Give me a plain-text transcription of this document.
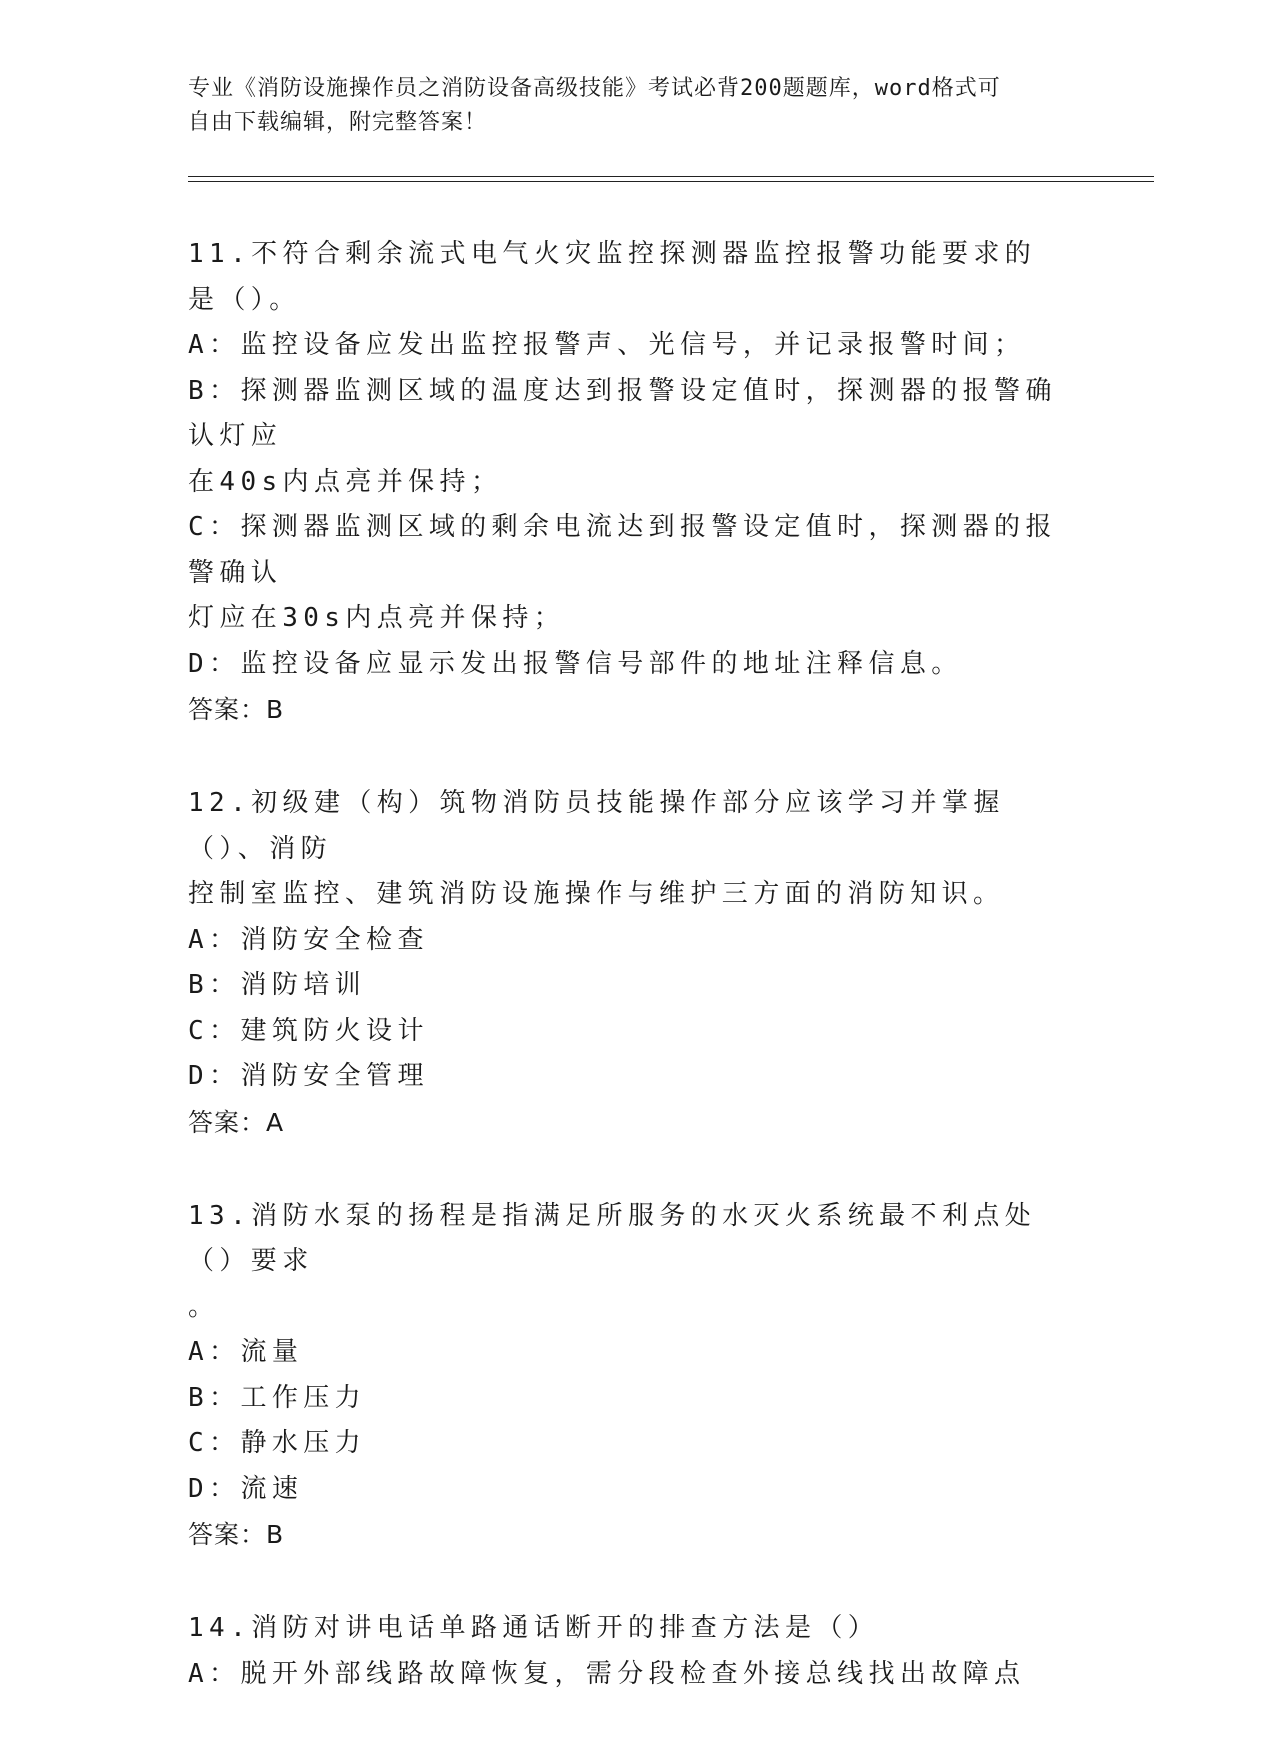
专业《消防设施操作员之消防设备高级技能》考试必背200题题库，word格式可
自由下载编辑，附完整答案！
11.不符合剩余流式电气火灾监控探测器监控报警功能要求的是（）。
A：监控设备应发出监控报警声、光信号，并记录报警时间；
B：探测器监测区域的温度达到报警设定值时，探测器的报警确认灯应
在40s内点亮并保持；
C：探测器监测区域的剩余电流达到报警设定值时，探测器的报警确认
灯应在30s内点亮并保持；
D：监控设备应显示发出报警信号部件的地址注释信息。
答案：B
12.初级建（构）筑物消防员技能操作部分应该学习并掌握（）、消防
控制室监控、建筑消防设施操作与维护三方面的消防知识。
A：消防安全检查
B：消防培训
C：建筑防火设计
D：消防安全管理
答案：A
13.消防水泵的扬程是指满足所服务的水灭火系统最不利点处（）要求
。
A：流量
B：工作压力
C：静水压力
D：流速
答案：B
14.消防对讲电话单路通话断开的排查方法是（）
A：脱开外部线路故障恢复，需分段检查外接总线找出故障点
